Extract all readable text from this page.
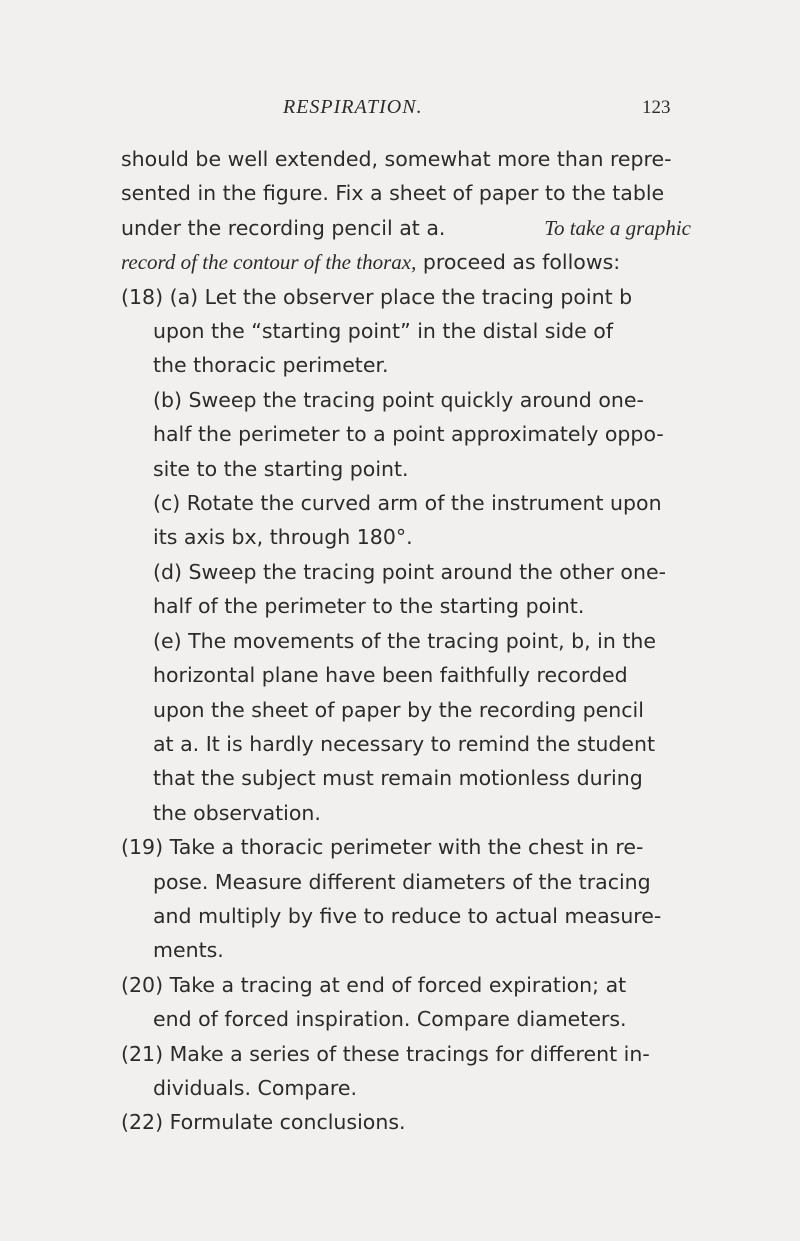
RESPIRATION.	123
should be well extended, somewhat more than repre-
sented in the figure. Fix a sheet of paper to the table
under the recording pencil at a.	To take a graphic
record of the contour of the thorax,
proceed as follows:
(18) (a) Let the observer place the tracing point b
upon the “starting point” in the distal side of
the thoracic perimeter.
(b) Sweep the tracing point quickly around one-
half the perimeter to a point approximately oppo-
site to the starting point.
(c) Rotate the curved arm of the instrument upon
its axis bx, through 180°.
(d) Sweep the tracing point around the other one-
half of the perimeter to the starting point.
(e) The movements of the tracing point, b, in the
horizontal plane have been faithfully recorded
upon the sheet of paper by the recording pencil
at a. It is hardly necessary to remind the student
that the subject must remain motionless during
the observation.
(19) Take a thoracic perimeter with the chest in re-
pose. Measure different diameters of the tracing
and multiply by five to reduce to actual measure-
ments.
(20) Take a tracing at end of forced expiration; at
end of forced inspiration. Compare diameters.
(21) Make a series of these tracings for different in-
dividuals. Compare.
(22) Formulate conclusions.
